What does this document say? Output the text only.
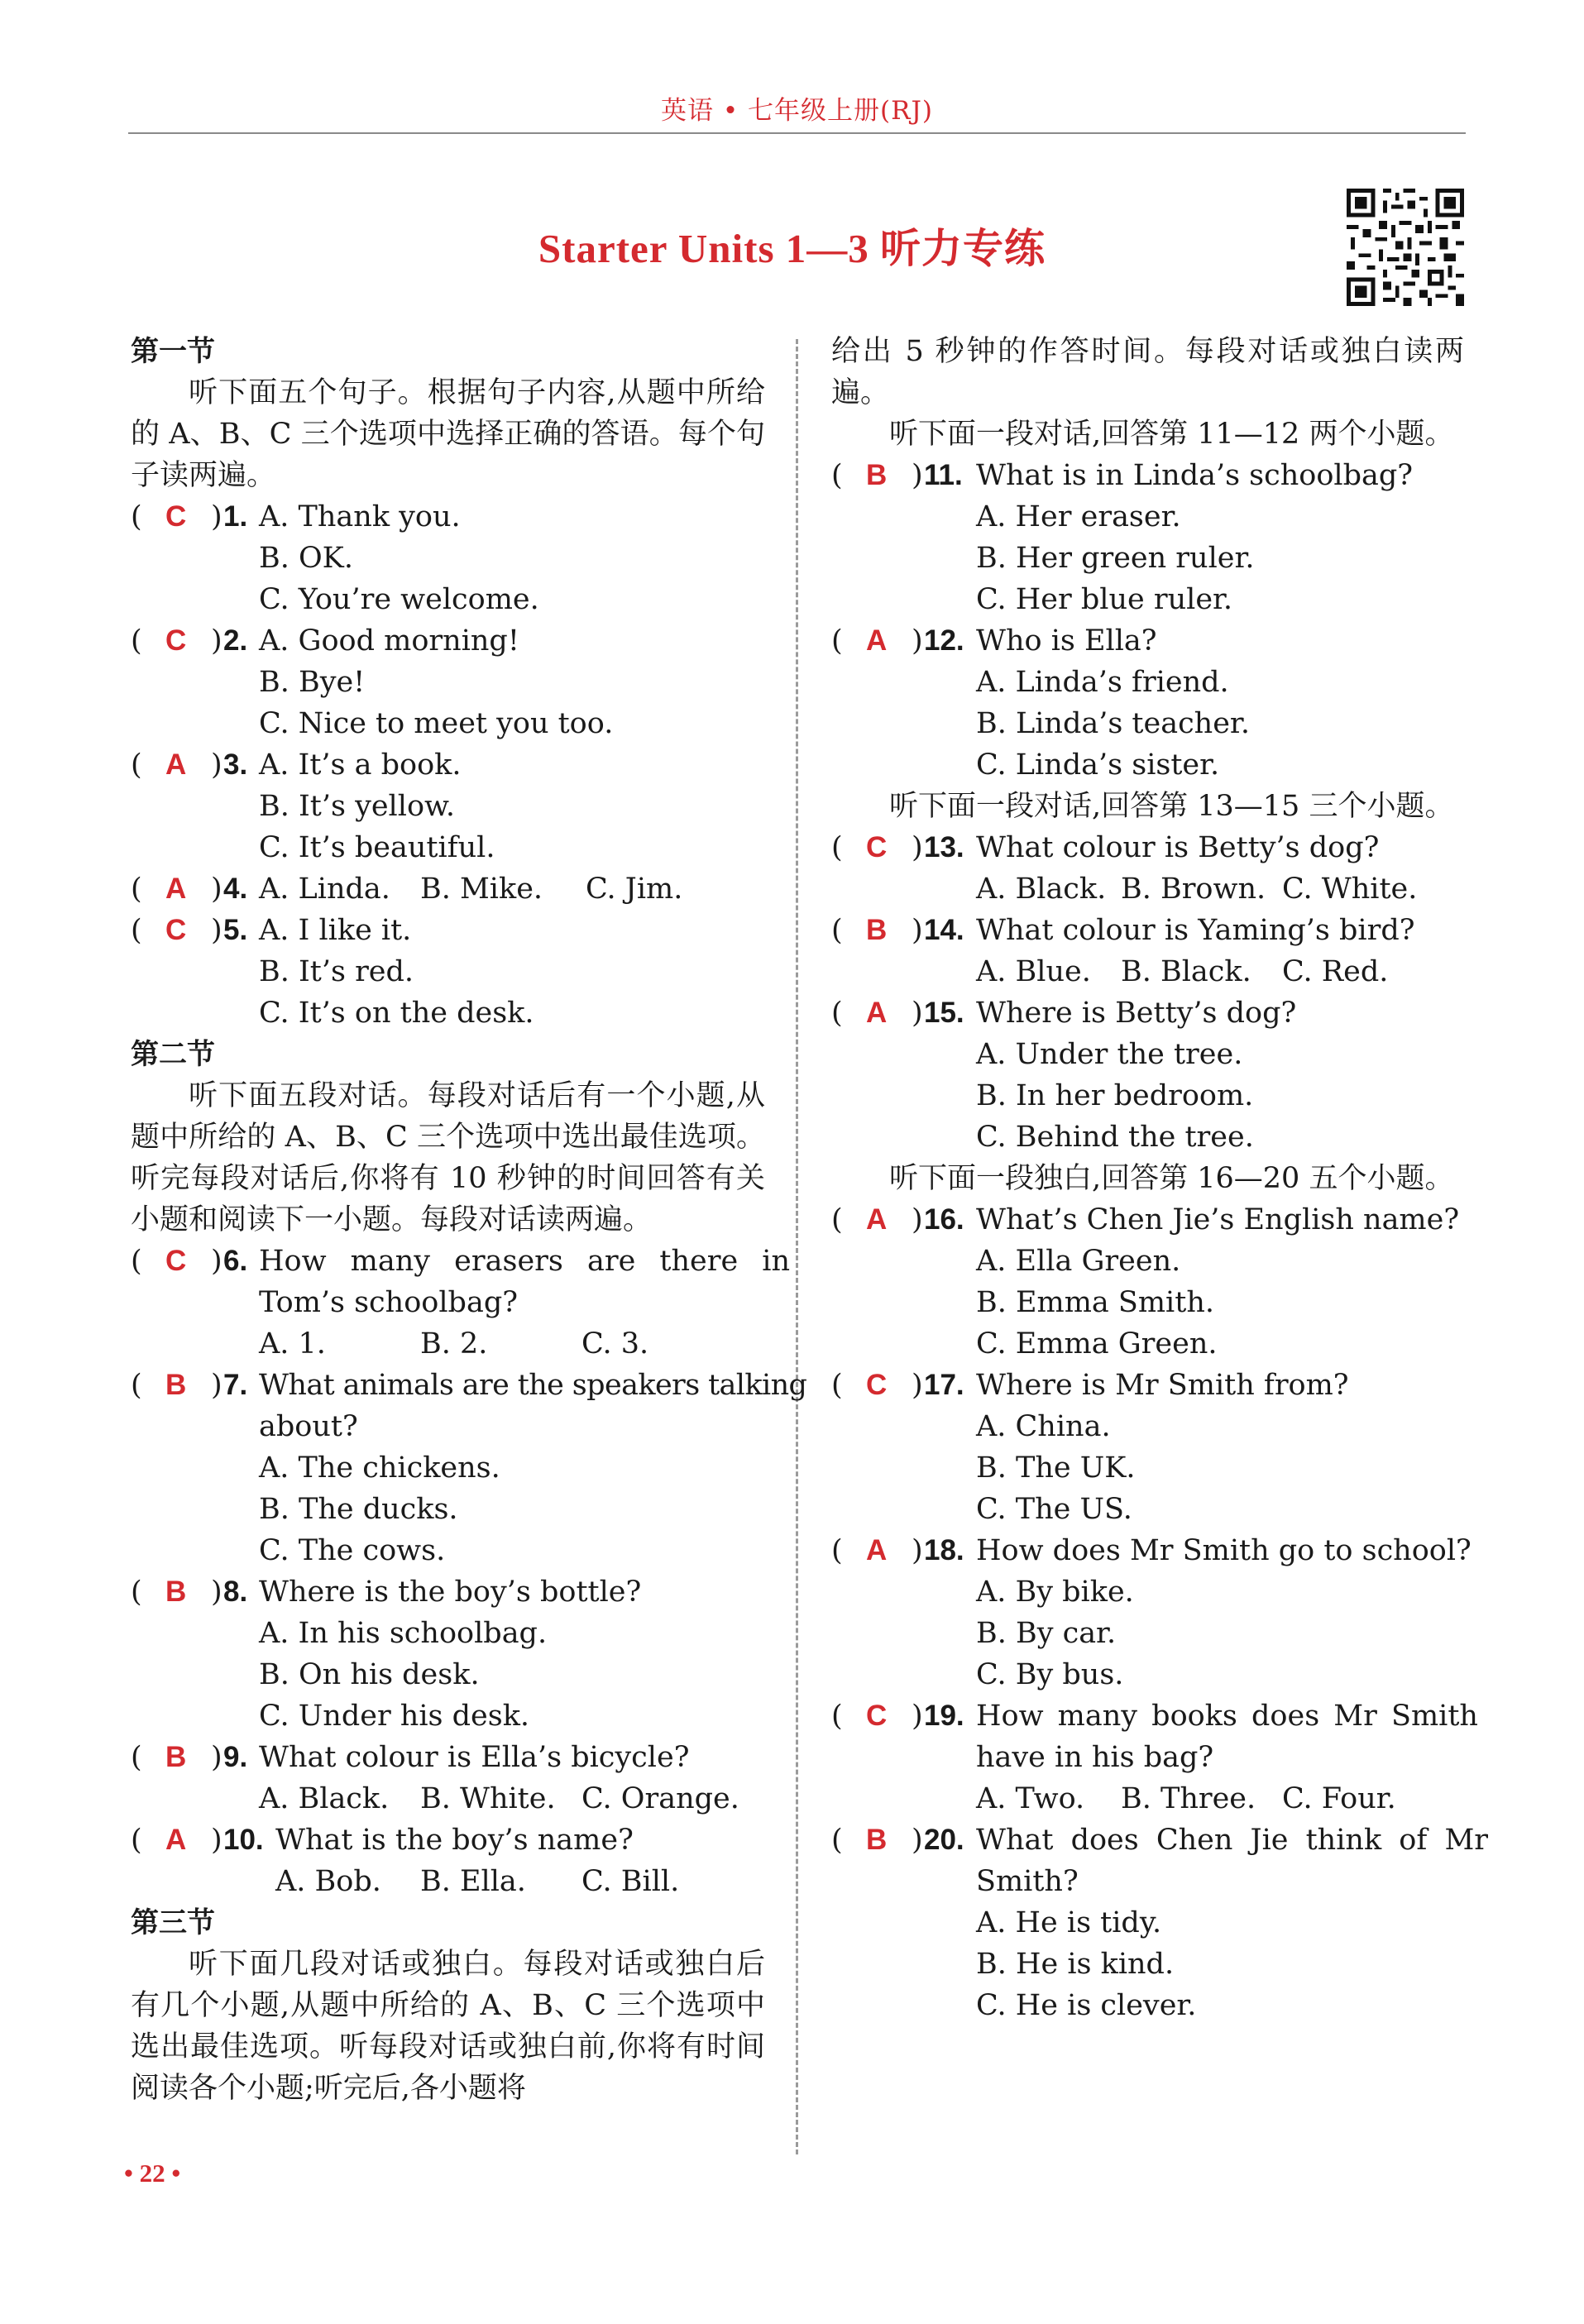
英语 • 七年级上册(RJ)
Starter Units 1—3 听力专练
第一节
听下面五个句子。根据句子内容,从题中所给的 A、B、C 三个选项中选择正确的答语。每个句子读两遍。
( C ) 1. A. Thank you.
B. OK.
C. You’re welcome.
( C ) 2. A. Good morning!
B. Bye!
C. Nice to meet you too.
( A ) 3. A. It’s a book.
B. It’s yellow.
C. It’s beautiful.
( A ) 4. A. Linda. B. Mike. C. Jim.
( C ) 5. A. I like it.
B. It’s red.
C. It’s on the desk.
第二节
听下面五段对话。每段对话后有一个小题,从题中所给的 A、B、C 三个选项中选出最佳选项。听完每段对话后,你将有 10 秒钟的时间回答有关小题和阅读下一小题。每段对话读两遍。
( C ) 6. How many erasers are there in
Tom’s schoolbag?
A. 1.	B. 2.	C. 3.
( B ) 7. What animals are the speakers talking
about?
A. The chickens.
B. The ducks.
C. The cows.
( B ) 8. Where is the boy’s bottle?
A. In his schoolbag.
B. On his desk.
C. Under his desk.
( B ) 9. What colour is Ella’s bicycle?
A. Black. B. White. C. Orange.
( A ) 10. What is the boy’s name?
A. Bob. B. Ella. C. Bill.
第三节
听下面几段对话或独白。每段对话或独白后有几个小题,从题中所给的 A、B、C 三个选项中选出最佳选项。听每段对话或独白前,你将有时间阅读各个小题;听完后,各小题将
给出 5 秒钟的作答时间。每段对话或独白读两遍。
听下面一段对话,回答第 11—12 两个小题。
( B ) 11. What is in Linda’s schoolbag?
A. Her eraser.
B. Her green ruler.
C. Her blue ruler.
( A ) 12. Who is Ella?
A. Linda’s friend.
B. Linda’s teacher.
C. Linda’s sister.
听下面一段对话,回答第 13—15 三个小题。
( C ) 13. What colour is Betty’s dog?
A. Black. B. Brown. C. White.
( B ) 14. What colour is Yaming’s bird?
A. Blue. B. Black. C. Red.
( A ) 15. Where is Betty’s dog?
A. Under the tree.
B. In her bedroom.
C. Behind the tree.
听下面一段独白,回答第 16—20 五个小题。
( A ) 16. What’s Chen Jie’s English name?
A. Ella Green.
B. Emma Smith.
C. Emma Green.
( C ) 17. Where is Mr Smith from?
A. China.
B. The UK.
C. The US.
( A ) 18. How does Mr Smith go to school?
A. By bike.
B. By car.
C. By bus.
( C ) 19. How many books does Mr Smith
have in his bag?
A. Two. B. Three. C. Four.
( B ) 20. What does Chen Jie think of Mr
Smith?
A. He is tidy.
B. He is kind.
C. He is clever.
• 22 •
